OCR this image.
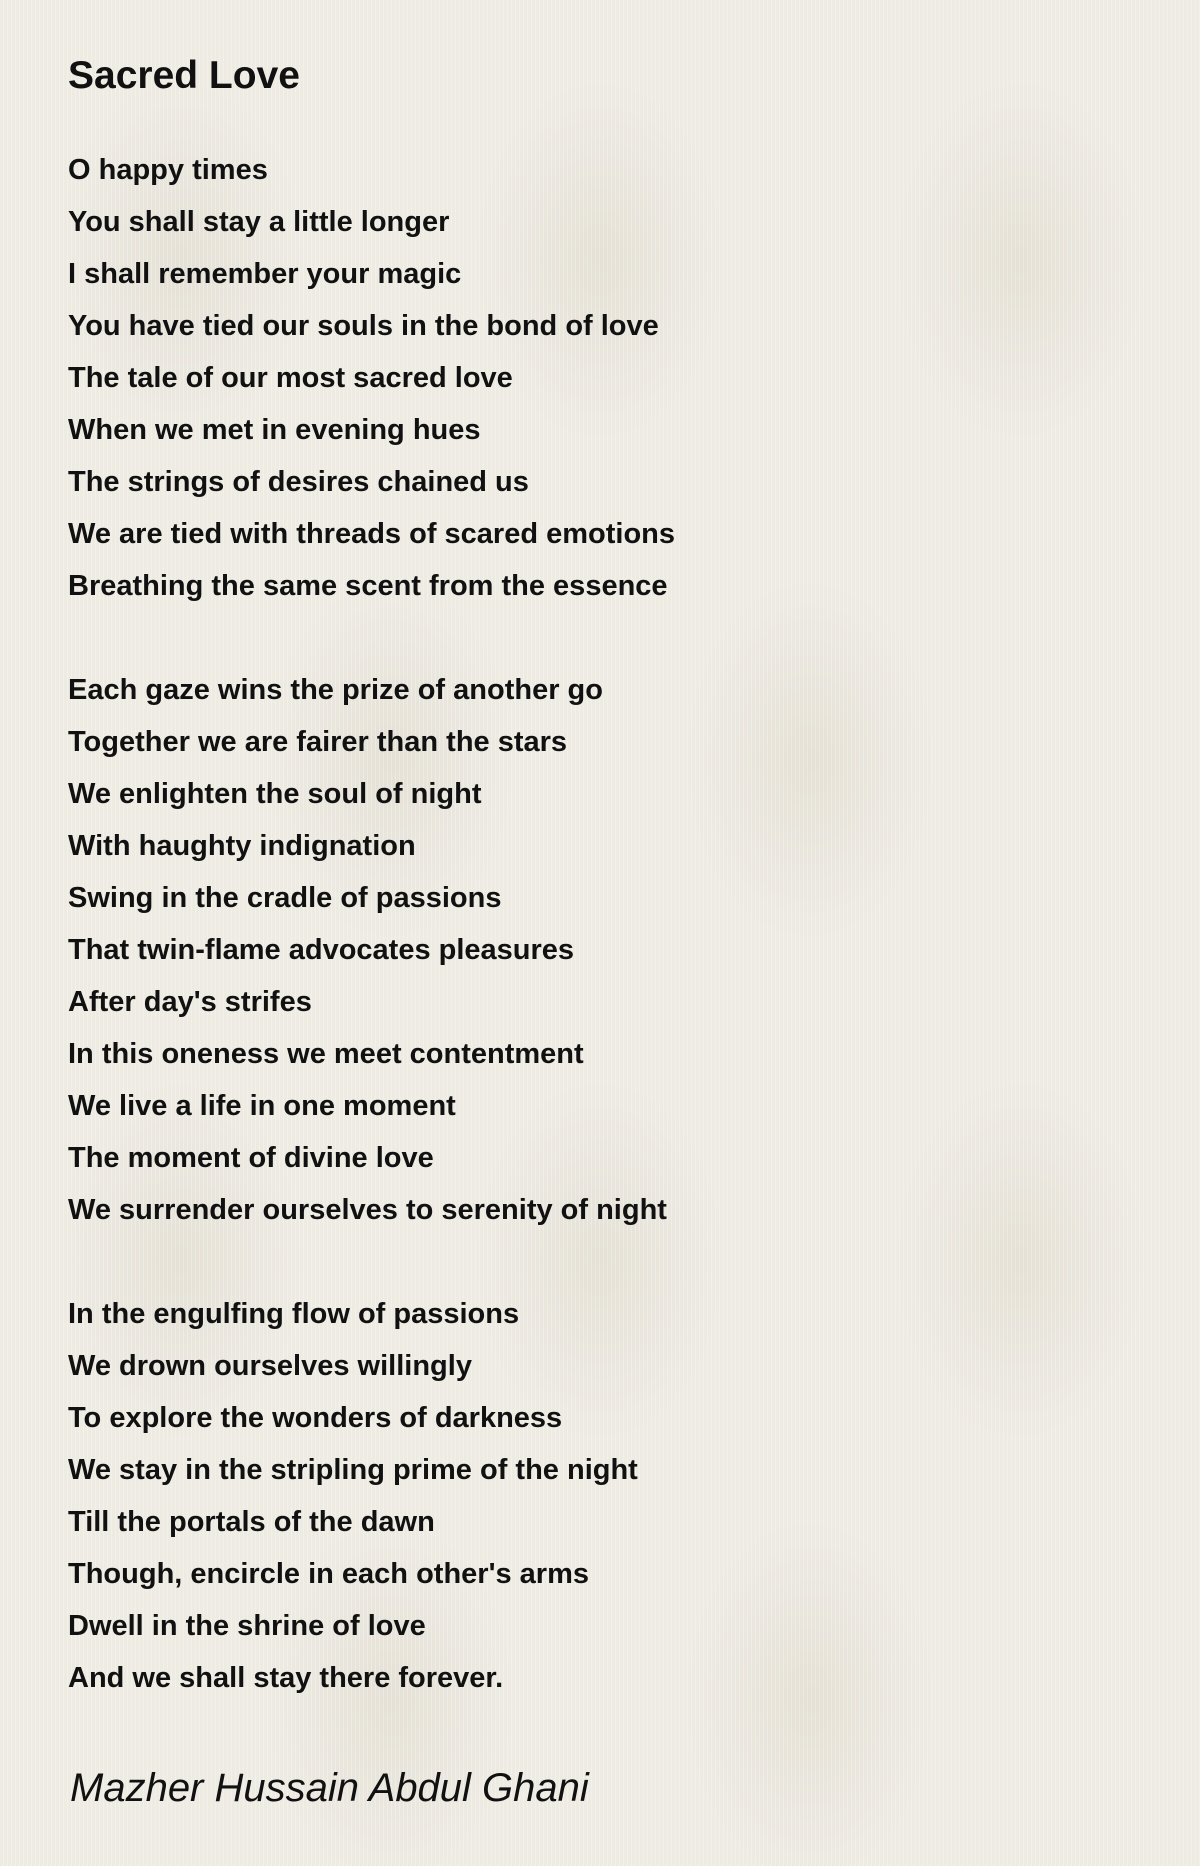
Sacred Love
O happy times
You shall stay a little longer
I shall remember your magic
You have tied our souls in the bond of love
The tale of our most sacred love
When we met in evening hues
The strings of desires chained us
We are tied with threads of scared emotions
Breathing the same scent from the essence
Each gaze wins the prize of another go
Together we are fairer than the stars
We enlighten the soul of night
With haughty indignation
Swing in the cradle of passions
That twin-flame advocates pleasures
After day's strifes
In this oneness we meet contentment
We live a life in one moment
The moment of divine love
We surrender ourselves to serenity of night
In the engulfing flow of passions
We drown ourselves willingly
To explore the wonders of darkness
We stay in the stripling prime of the night
Till the portals of the dawn
Though, encircle in each other's arms
Dwell in the shrine of love
And we shall stay there forever.
Mazher Hussain Abdul Ghani
